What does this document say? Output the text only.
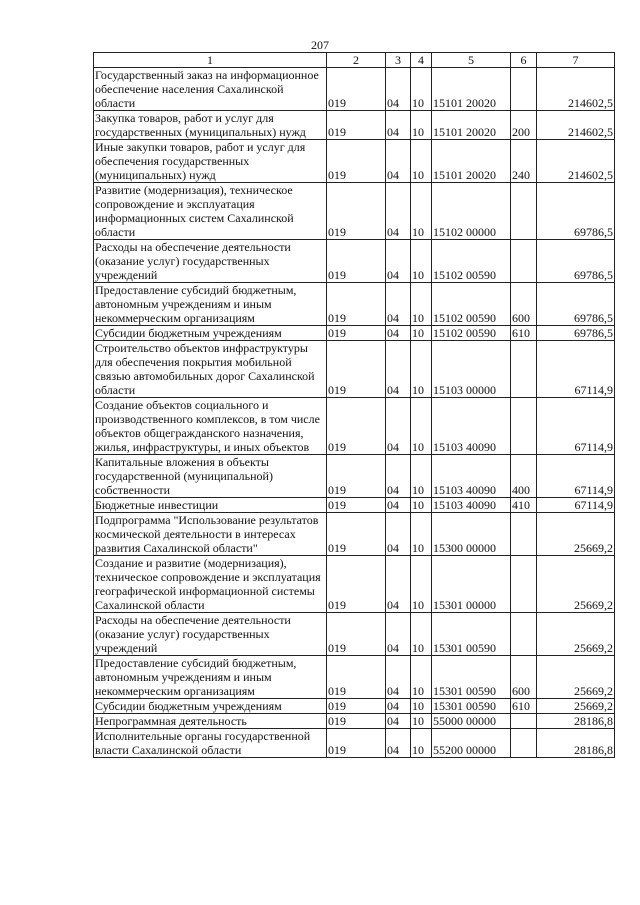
207
1	2	3	4	5	6	7
Государственный заказ на информационное обеспечение населения Сахалинской области	019	04	10	15101 20020		214602,5
Закупка товаров, работ и услуг для государственных (муниципальных) нужд	019	04	10	15101 20020	200	214602,5
Иные закупки товаров, работ и услуг для обеспечения государственных (муниципальных) нужд	019	04	10	15101 20020	240	214602,5
Развитие (модернизация), техническое сопровождение и эксплуатация информационных систем Сахалинской области	019	04	10	15102 00000		69786,5
Расходы на обеспечение деятельности (оказание услуг) государственных учреждений	019	04	10	15102 00590		69786,5
Предоставление субсидий бюджетным, автономным учреждениям и иным некоммерческим организациям	019	04	10	15102 00590	600	69786,5
Субсидии бюджетным учреждениям	019	04	10	15102 00590	610	69786,5
Строительство объектов инфраструктуры для обеспечения покрытия мобильной связью автомобильных дорог Сахалинской области	019	04	10	15103 00000		67114,9
Создание объектов социального и производственного комплексов, в том числе объектов общегражданского назначения, жилья, инфраструктуры, и иных объектов	019	04	10	15103 40090		67114,9
Капитальные вложения в объекты государственной (муниципальной) собственности	019	04	10	15103 40090	400	67114,9
Бюджетные инвестиции	019	04	10	15103 40090	410	67114,9
Подпрограмма "Использование результатов космической деятельности в интересах развития Сахалинской области"	019	04	10	15300 00000		25669,2
Создание и развитие (модернизация), техническое сопровождение и эксплуатация географической информационной системы Сахалинской области	019	04	10	15301 00000		25669,2
Расходы на обеспечение деятельности (оказание услуг) государственных учреждений	019	04	10	15301 00590		25669,2
Предоставление субсидий бюджетным, автономным учреждениям и иным некоммерческим организациям	019	04	10	15301 00590	600	25669,2
Субсидии бюджетным учреждениям	019	04	10	15301 00590	610	25669,2
Непрограммная деятельность	019	04	10	55000 00000		28186,8
Исполнительные органы государственной власти Сахалинской области	019	04	10	55200 00000		28186,8
